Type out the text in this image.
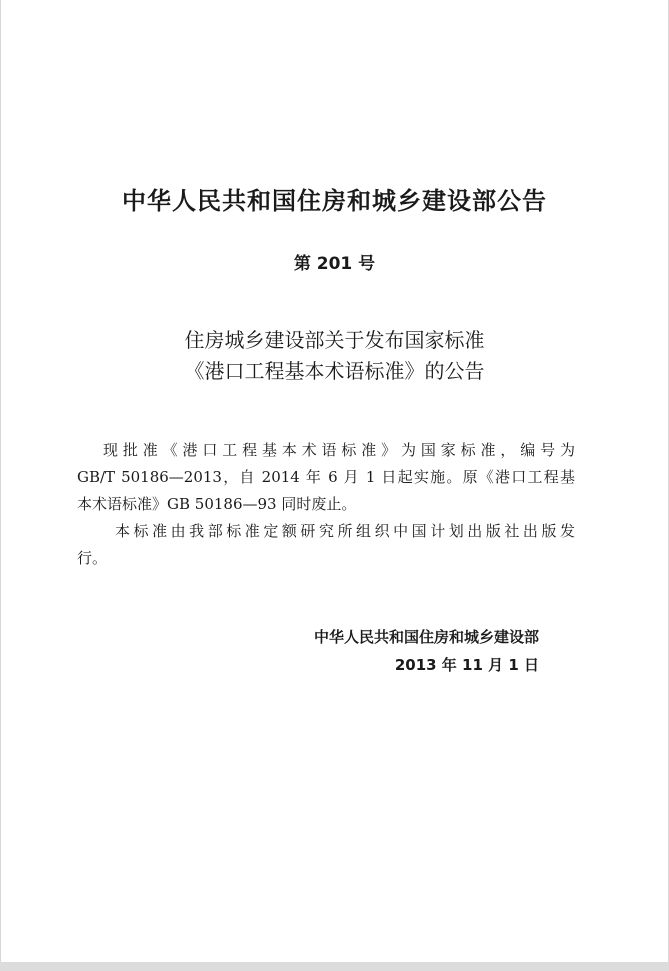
中华人民共和国住房和城乡建设部公告
第 201 号
住房城乡建设部关于发布国家标准
《港口工程基本术语标准》的公告
现批准《港口工程基本术语标准》为国家标准，编号为
GB/T 50186—2013，自 2014 年 6 月 1 日起实施。原《港口工程基
本术语标准》GB 50186—93 同时废止。
本标准由我部标准定额研究所组织中国计划出版社出版发
行。
中华人民共和国住房和城乡建设部
2013 年 11 月 1 日
